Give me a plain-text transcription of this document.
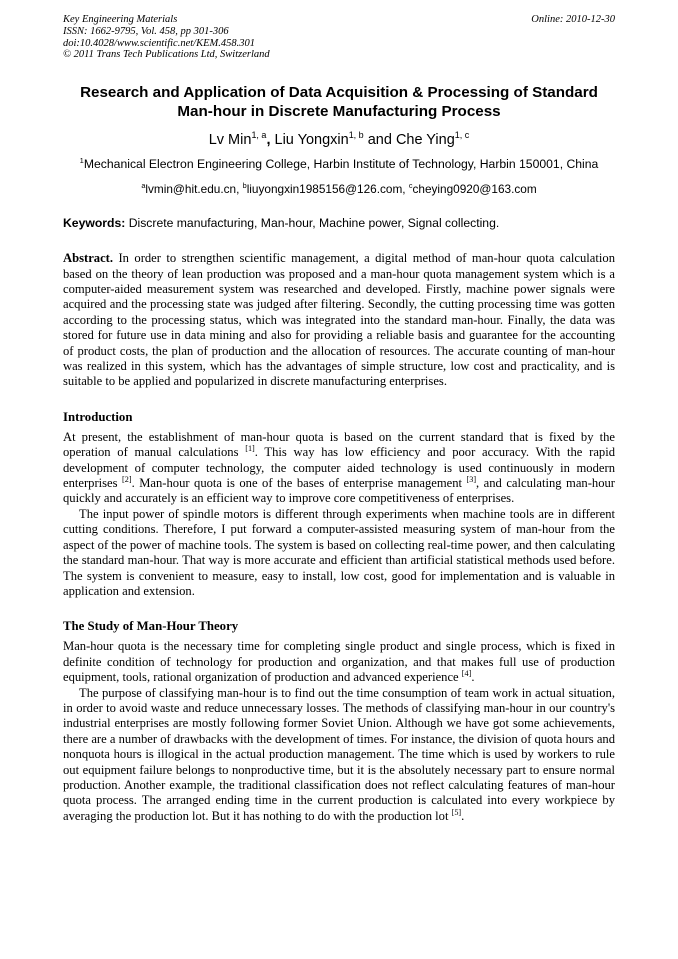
Key Engineering Materials
ISSN: 1662-9795, Vol. 458, pp 301-306
doi:10.4028/www.scientific.net/KEM.458.301
© 2011 Trans Tech Publications Ltd, Switzerland
Online: 2010-12-30
Research and Application of Data Acquisition & Processing of Standard Man-hour in Discrete Manufacturing Process
Lv Min$^{1, a}$, Liu Yongxin$^{1, b}$ and Che Ying$^{1, c}$
$^1$Mechanical Electron Engineering College, Harbin Institute of Technology, Harbin 150001, China
$^a$lvmin@hit.edu.cn, $^b$liuyongxin1985156@126.com, $^c$cheying0920@163.com
Keywords: Discrete manufacturing, Man-hour, Machine power, Signal collecting.

Abstract. In order to strengthen scientific management, a digital method of man-hour quota calculation based on the theory of lean production was proposed and a man-hour quota management system which is a computer-aided measurement system was researched and developed. Firstly, machine power signals were acquired and the processing state was judged after filtering. Secondly, the cutting processing time was gotten according to the processing status, which was integrated into the standard man-hour. Finally, the data was stored for future use in data mining and also for providing a reliable basis and guarantee for the accounting of product costs, the plan of production and the allocation of resources. The accurate counting of man-hour was realized in this system, which has the advantages of simple structure, low cost and practicality, and is suitable to be applied and popularized in discrete manufacturing enterprises.

Introduction

At present, the establishment of man-hour quota is based on the current standard that is fixed by the operation of manual calculations [1]. This way has low efficiency and poor accuracy. With the rapid development of computer technology, the computer aided technology is used continuously in modern enterprises [2]. Man-hour quota is one of the bases of enterprise management [3], and calculating man-hour quickly and accurately is an efficient way to improve core competitiveness of enterprises.

The input power of spindle motors is different through experiments when machine tools are in different cutting conditions. Therefore, I put forward a computer-assisted measuring system of man-hour from the aspect of the power of machine tools. The system is based on collecting real-time power, and then calculating the standard man-hour. That way is more accurate and efficient than artificial statistical methods used before. The system is convenient to measure, easy to install, low cost, good for implementation and is valuable in application and extension.

The Study of Man-Hour Theory

Man-hour quota is the necessary time for completing single product and single process, which is fixed in definite condition of technology for production and organization, and that makes full use of production equipment, tools, rational organization of production and advanced experience [4].

The purpose of classifying man-hour is to find out the time consumption of team work in actual situation, in order to avoid waste and reduce unnecessary losses. The methods of classifying man-hour in our country's industrial enterprises are mostly following former Soviet Union. Although we have got some achievements, there are a number of drawbacks with the development of times. For instance, the division of quota hours and nonquota hours is illogical in the actual production management. The time which is used by workers to rule out equipment failure belongs to nonproductive time, but it is the absolutely necessary part to ensure normal production. Another example, the traditional classification does not reflect calculating features of man-hour quota process. The arranged ending time in the current production is calculated into every workpiece by averaging the production lot. But it has nothing to do with the production lot [5].
